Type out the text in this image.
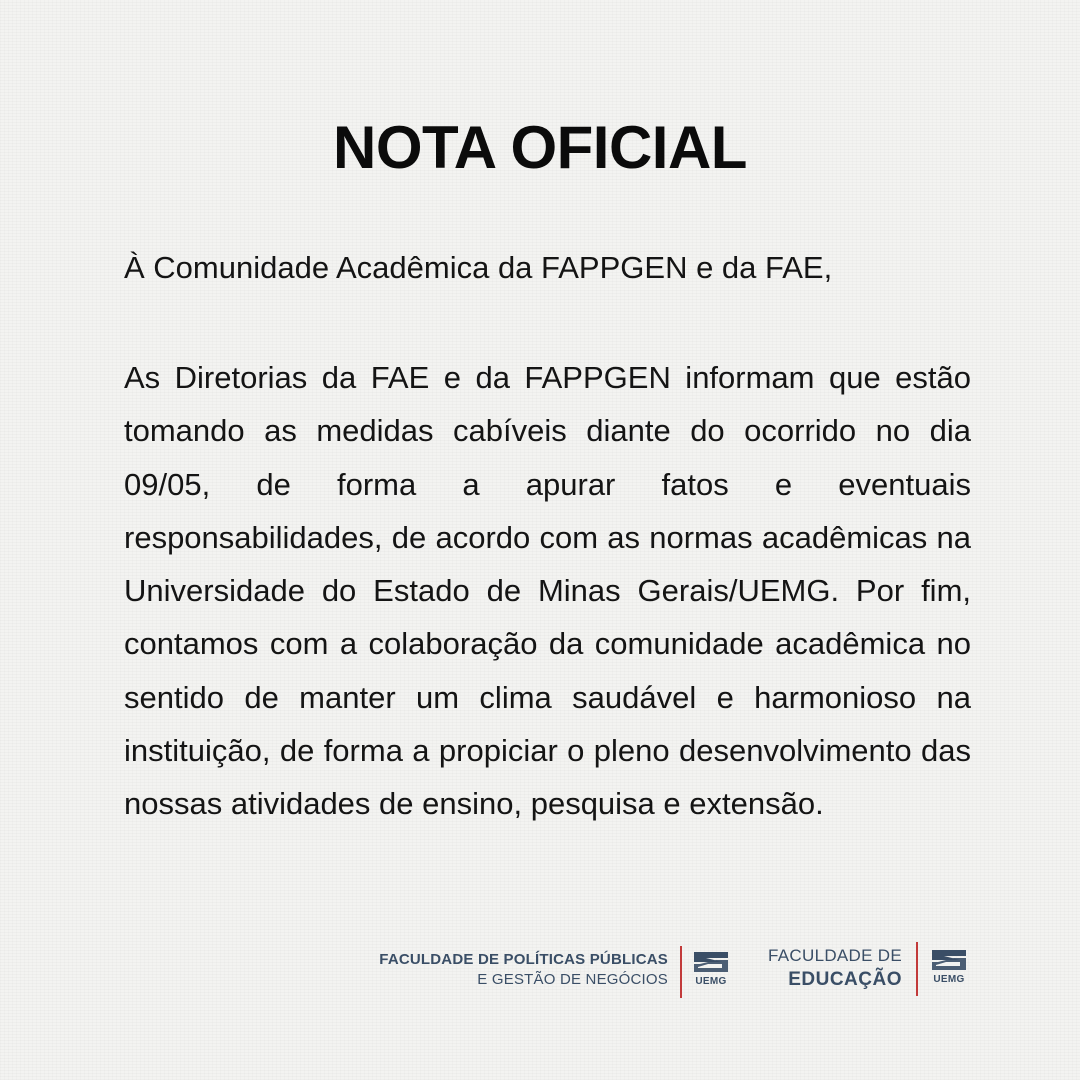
NOTA OFICIAL

À Comunidade Acadêmica da FAPPGEN e da FAE,

As Diretorias da FAE e da FAPPGEN informam que estão tomando as medidas cabíveis diante do ocorrido no dia 09/05, de forma a apurar fatos e eventuais responsabilidades, de acordo com as normas acadêmicas na Universidade do Estado de Minas Gerais/UEMG. Por fim, contamos com a colaboração da comunidade acadêmica no sentido de manter um clima saudável e harmonioso na instituição, de forma a propiciar o pleno desenvolvimento das nossas atividades de ensino, pesquisa e extensão.

FACULDADE DE POLÍTICAS PÚBLICAS
E GESTÃO DE NEGÓCIOS	UEMG
FACULDADE DE
EDUCAÇÃO	UEMG
